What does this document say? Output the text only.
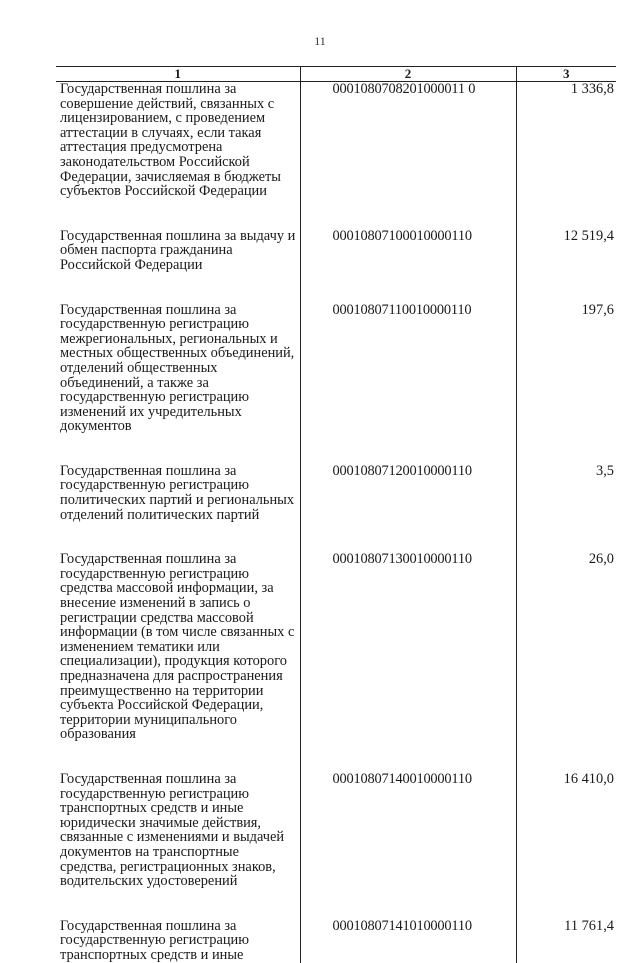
11
1	2	3
Государственная пошлина за совершение действий, связанных с лицензированием, с проведением аттестации в случаях, если такая аттестация предусмотрена законодательством Российской Федерации, зачисляемая в бюджеты субъектов Российской Федерации	0001080708201000011 0	1 336,8
Государственная пошлина за выдачу и обмен паспорта гражданина Российской Федерации	00010807100010000110	12 519,4
Государственная пошлина за государственную регистрацию межрегиональных, региональных и местных общественных объединений, отделений общественных объединений, а также за государственную регистрацию изменений их учредительных документов	00010807110010000110	197,6
Государственная пошлина за государственную регистрацию политических партий и региональных отделений политических партий	00010807120010000110	3,5
Государственная пошлина за государственную регистрацию средства массовой информации, за внесение изменений в запись о регистрации средства массовой информации (в том числе связанных с изменением тематики или специализации), продукция которого предназначена для распространения преимущественно на территории субъекта Российской Федерации, территории муниципального образования	00010807130010000110	26,0
Государственная пошлина за государственную регистрацию транспортных средств и иные юридически значимые действия, связанные с изменениями и выдачей документов на транспортные средства, регистрационных знаков, водительских удостоверений	00010807140010000110	16 410,0
Государственная пошлина за государственную регистрацию транспортных средств и иные	00010807141010000110	11 761,4
